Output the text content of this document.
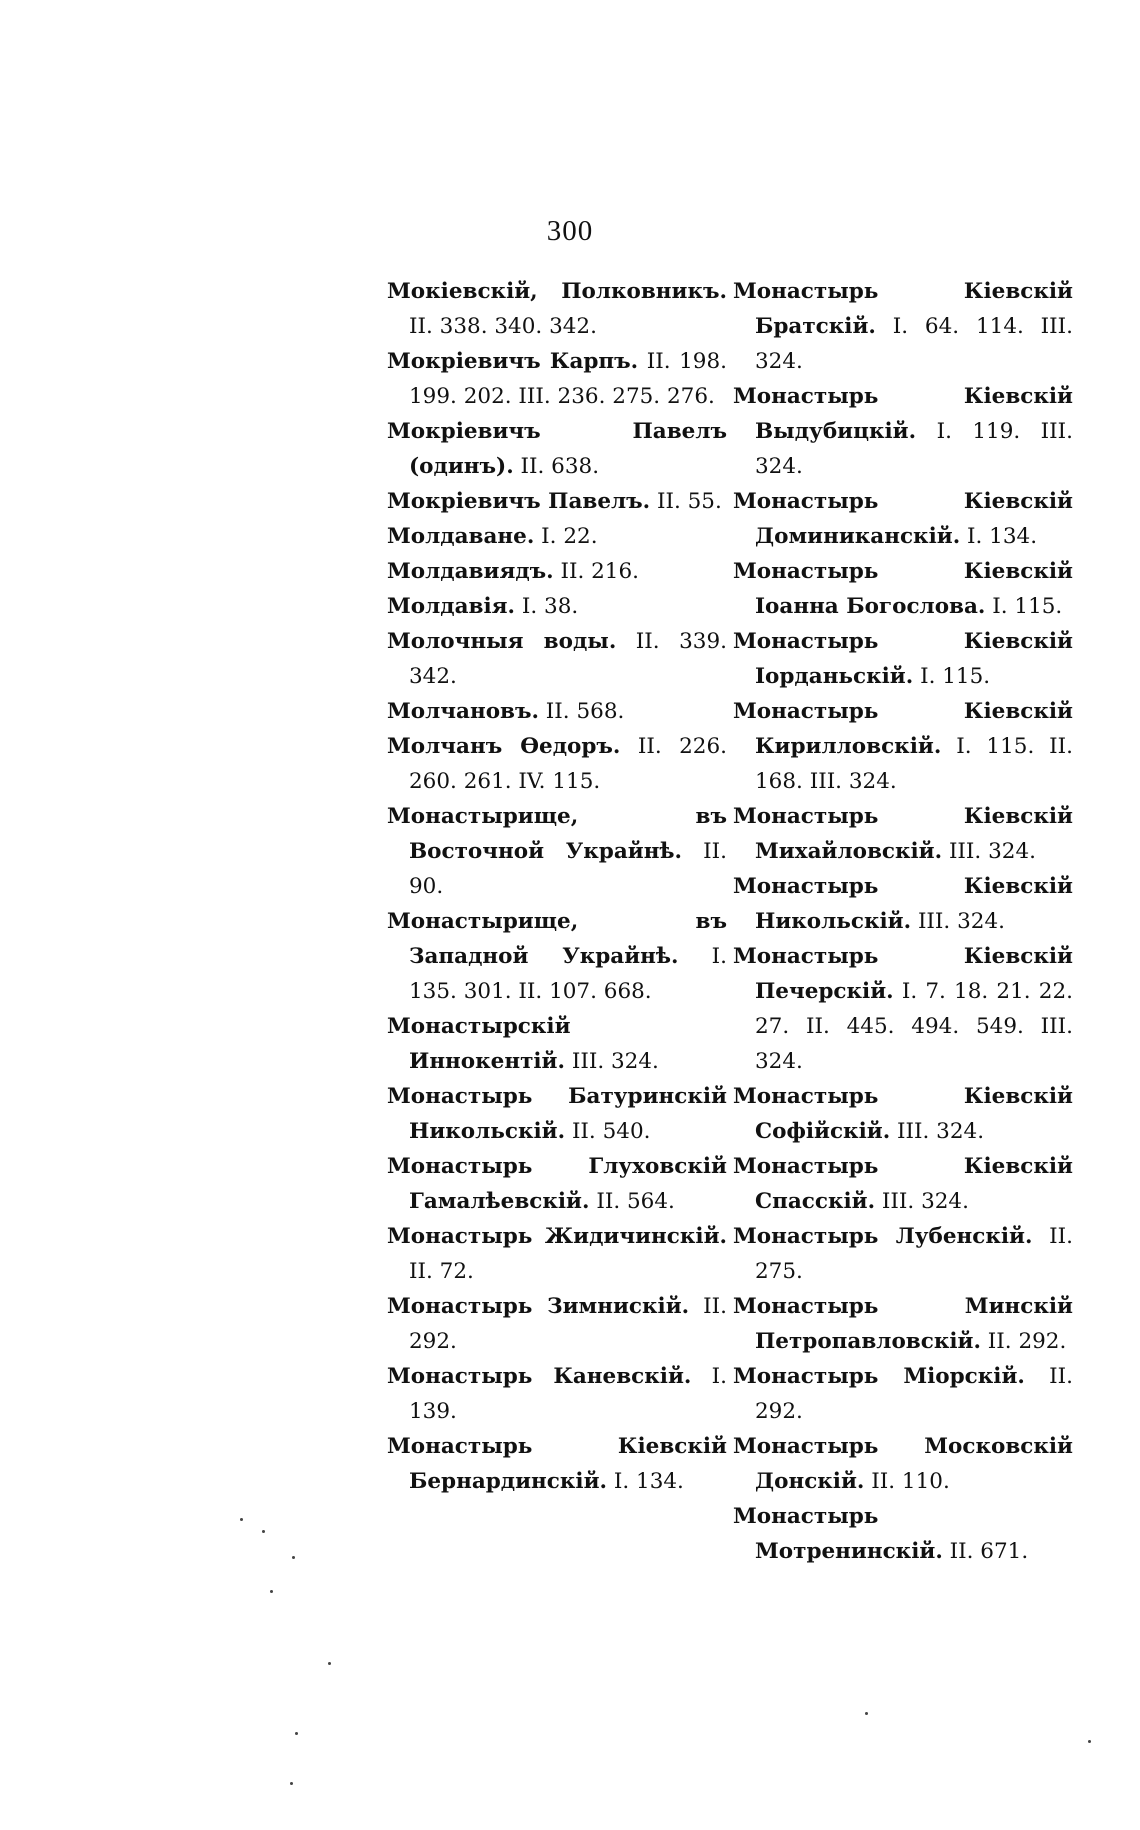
300
Мокіевскій, Полковникъ. II. 338. 340. 342.
Мокріевичъ Карпъ. II. 198. 199. 202. III. 236. 275. 276.
Мокріевичъ Павелъ (одинъ). II. 638.
Мокріевичъ Павелъ. II. 55.
Молдаване. I. 22.
Молдавиядъ. II. 216.
Молдавія. I. 38.
Молочныя воды. II. 339. 342.
Молчановъ. II. 568.
Молчанъ Өедоръ. II. 226. 260. 261. IV. 115.
Монастырище, въ Восточной Украйнѣ. II. 90.
Монастырище, въ Западной Украйнѣ. I. 135. 301. II. 107. 668.
Монастырскій Иннокентій. III. 324.
Монастырь Батуринскій Никольскій. II. 540.
Монастырь Глуховскій Гамалѣевскій. II. 564.
Монастырь Жидичинскій. II. 72.
Монастырь Зимнискій. II. 292.
Монастырь Каневскій. I. 139.
Монастырь Кіевскій Бернардинскій. I. 134.
Монастырь Кіевскій Братскій. I. 64. 114. III. 324.
Монастырь Кіевскій Выдубицкій. I. 119. III. 324.
Монастырь Кіевскій Доминиканскій. I. 134.
Монастырь Кіевскій Іоанна Богослова. I. 115.
Монастырь Кіевскій Іорданьскій. I. 115.
Монастырь Кіевскій Кирилловскій. I. 115. II. 168. III. 324.
Монастырь Кіевскій Михайловскій. III. 324.
Монастырь Кіевскій Никольскій. III. 324.
Монастырь Кіевскій Печерскій. I. 7. 18. 21. 22. 27. II. 445. 494. 549. III. 324.
Монастырь Кіевскій Софійскій. III. 324.
Монастырь Кіевскій Спасскій. III. 324.
Монастырь Лубенскій. II. 275.
Монастырь Минскій Петропавловскій. II. 292.
Монастырь Міорскій. II. 292.
Монастырь Московскій Донскій. II. 110.
Монастырь Мотренинскій. II. 671.
